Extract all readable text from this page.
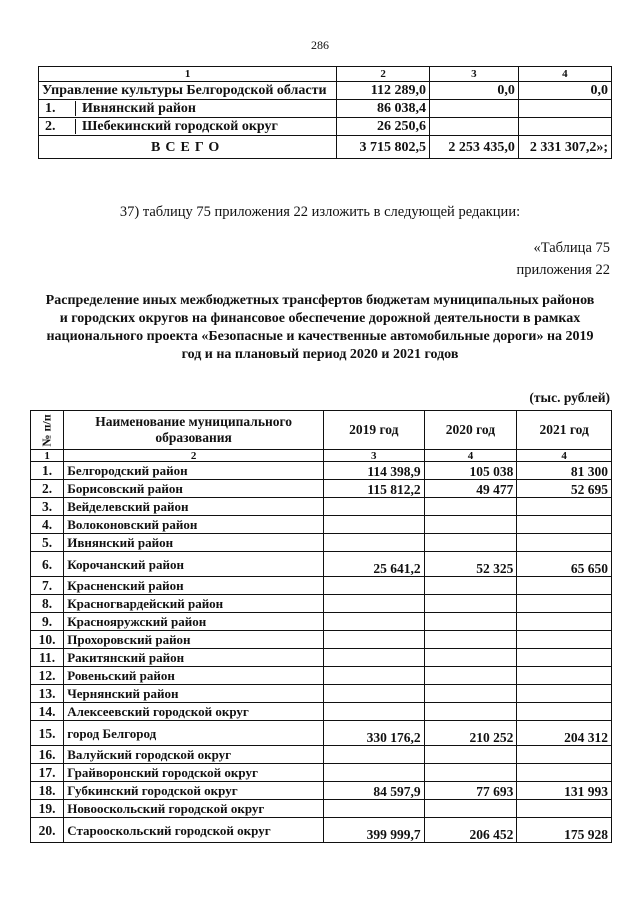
286
1	2	3	4
Управление культуры Белгородской области	112 289,0	0,0	0,0
1. Ивнянский район	86 038,4		
2. Шебекинский городской округ	26 250,6		
ВСЕГО	3 715 802,5	2 253 435,0	2 331 307,2»;
37) таблицу 75 приложения 22 изложить в следующей редакции:
«Таблица 75
приложения 22
Распределение иных межбюджетных трансфертов бюджетам муниципальных районов и городских округов на финансовое обеспечение дорожной деятельности в рамках национального проекта «Безопасные и качественные автомобильные дороги» на 2019 год и на плановый период 2020 и 2021 годов
(тыс. рублей)
№ п/п	Наименование муниципального образования	2019 год	2020 год	2021 год
1	2	3	4	4
1.	Белгородский район	114 398,9	105 038	81 300
2.	Борисовский район	115 812,2	49 477	52 695
3.	Вейделевский район			
4.	Волоконовский район			
5.	Ивнянский район			
6.	Корочанский район	25 641,2	52 325	65 650
7.	Красненский район			
8.	Красногвардейский район			
9.	Краснояружский район			
10.	Прохоровский район			
11.	Ракитянский район			
12.	Ровеньский район			
13.	Чернянский район			
14.	Алексеевский городской округ			
15.	город Белгород	330 176,2	210 252	204 312
16.	Валуйский городской округ			
17.	Грайворонский городской округ			
18.	Губкинский городской округ	84 597,9	77 693	131 993
19.	Новооскольский городской округ			
20.	Старооскольский городской округ	399 999,7	206 452	175 928
